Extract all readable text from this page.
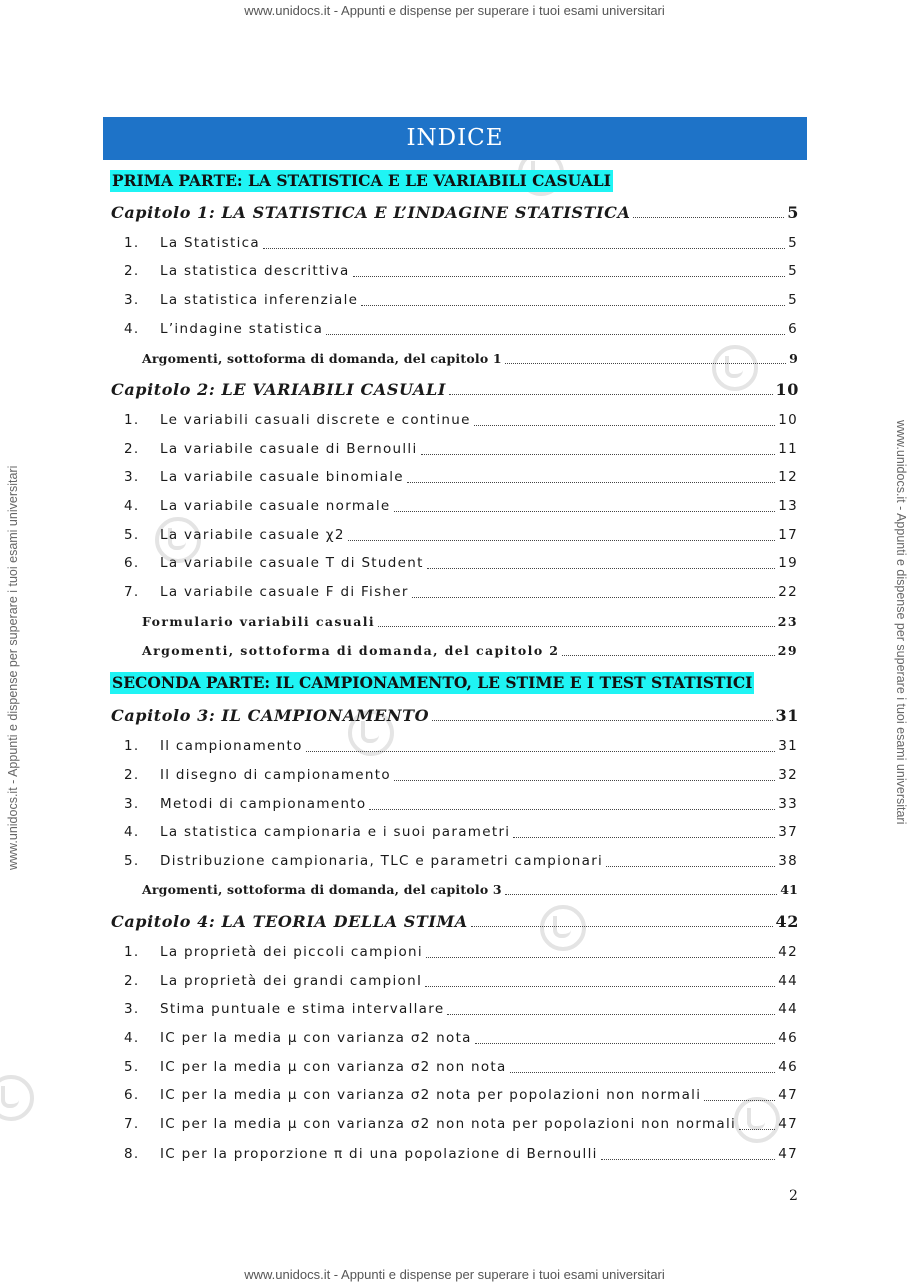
www.unidocs.it - Appunti e dispense per superare i tuoi esami universitari
www.unidocs.it - Appunti e dispense per superare i tuoi esami universitari	www.unidocs.it - Appunti e dispense per superare i tuoi esami universitari
INDICE
PRIMA PARTE: LA STATISTICA E LE VARIABILI CASUALI
Capitolo 1: LA STATISTICA E L’INDAGINE STATISTICA	5
1. La Statistica	5
2. La statistica descrittiva	5
3. La statistica inferenziale	5
4. L’indagine statistica	6
Argomenti, sottoforma di domanda, del capitolo 1	9
Capitolo 2: LE VARIABILI CASUALI	10
1. Le variabili casuali discrete e continue	10
2. La variabile casuale di Bernoulli	11
3. La variabile casuale binomiale	12
4. La variabile casuale normale	13
5. La variabile casuale χ2	17
6. La variabile casuale T di Student	19
7. La variabile casuale F di Fisher	22
Formulario variabili casuali	23
Argomenti, sottoforma di domanda, del capitolo 2	29
SECONDA PARTE: IL CAMPIONAMENTO, LE STIME E I TEST STATISTICI
Capitolo 3: IL CAMPIONAMENTO	31
1. Il campionamento	31
2. Il disegno di campionamento	32
3. Metodi di campionamento	33
4. La statistica campionaria e i suoi parametri	37
5. Distribuzione campionaria, TLC e parametri campionari	38
Argomenti, sottoforma di domanda, del capitolo 3	41
Capitolo 4: LA TEORIA DELLA STIMA	42
1. La proprietà dei piccoli campioni	42
2. La proprietà dei grandi campionI	44
3. Stima puntuale e stima intervallare	44
4. IC per la media μ con varianza σ2 nota	46
5. IC per la media μ con varianza σ2 non nota	46
6. IC per la media μ con varianza σ2 nota per popolazioni non normali	47
7. IC per la media μ con varianza σ2 non nota per popolazioni non normali	47
8. IC per la proporzione π di una popolazione di Bernoulli	47
2
www.unidocs.it - Appunti e dispense per superare i tuoi esami universitari
